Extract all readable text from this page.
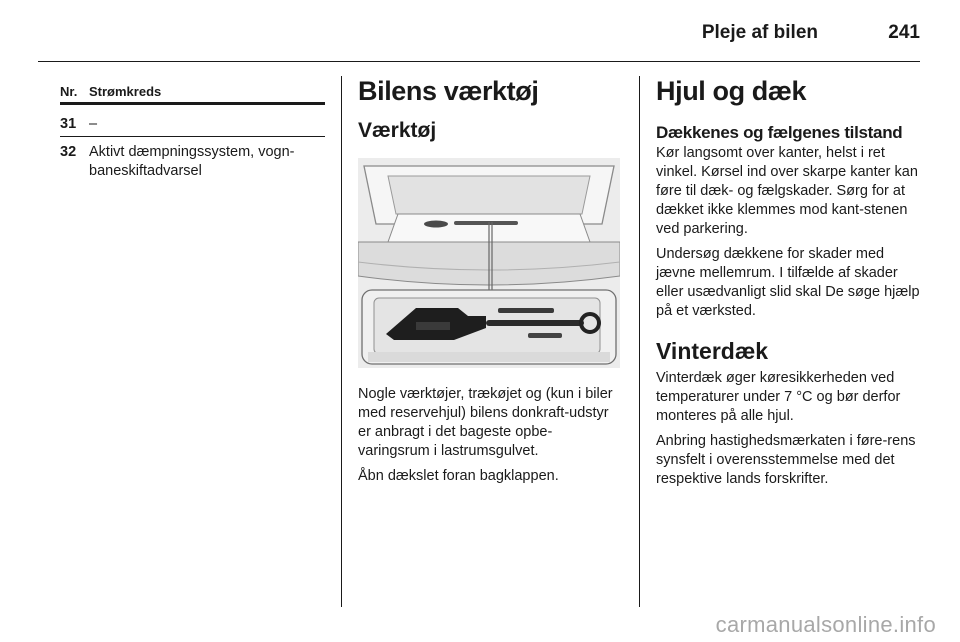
Pleje af bilen	241
Nr. Strømkreds
31 –
32 Aktivt dæmpningssystem, vogn-baneskiftadvarsel
Bilens værktøj
Værktøj

Nogle værktøjer, trækøjet og (kun i biler med reservehjul) bilens donkraft-udstyr er anbragt i det bageste opbe-varingsrum i lastrumsgulvet.

Åbn dækslet foran bagklappen.

Hjul og dæk
Dækkenes og fælgenes tilstand

Kør langsomt over kanter, helst i ret vinkel. Kørsel ind over skarpe kanter kan føre til dæk- og fælgskader. Sørg for at dækket ikke klemmes mod kant-stenen ved parkering.

Undersøg dækkene for skader med jævne mellemrum. I tilfælde af skader eller usædvanligt slid skal De søge hjælp på et værksted.

Vinterdæk

Vinterdæk øger køresikkerheden ved temperaturer under 7 °C og bør derfor monteres på alle hjul.

Anbring hastighedsmærkaten i føre-rens synsfelt i overensstemmelse med det respektive lands forskrifter.

carmanualsonline.info
